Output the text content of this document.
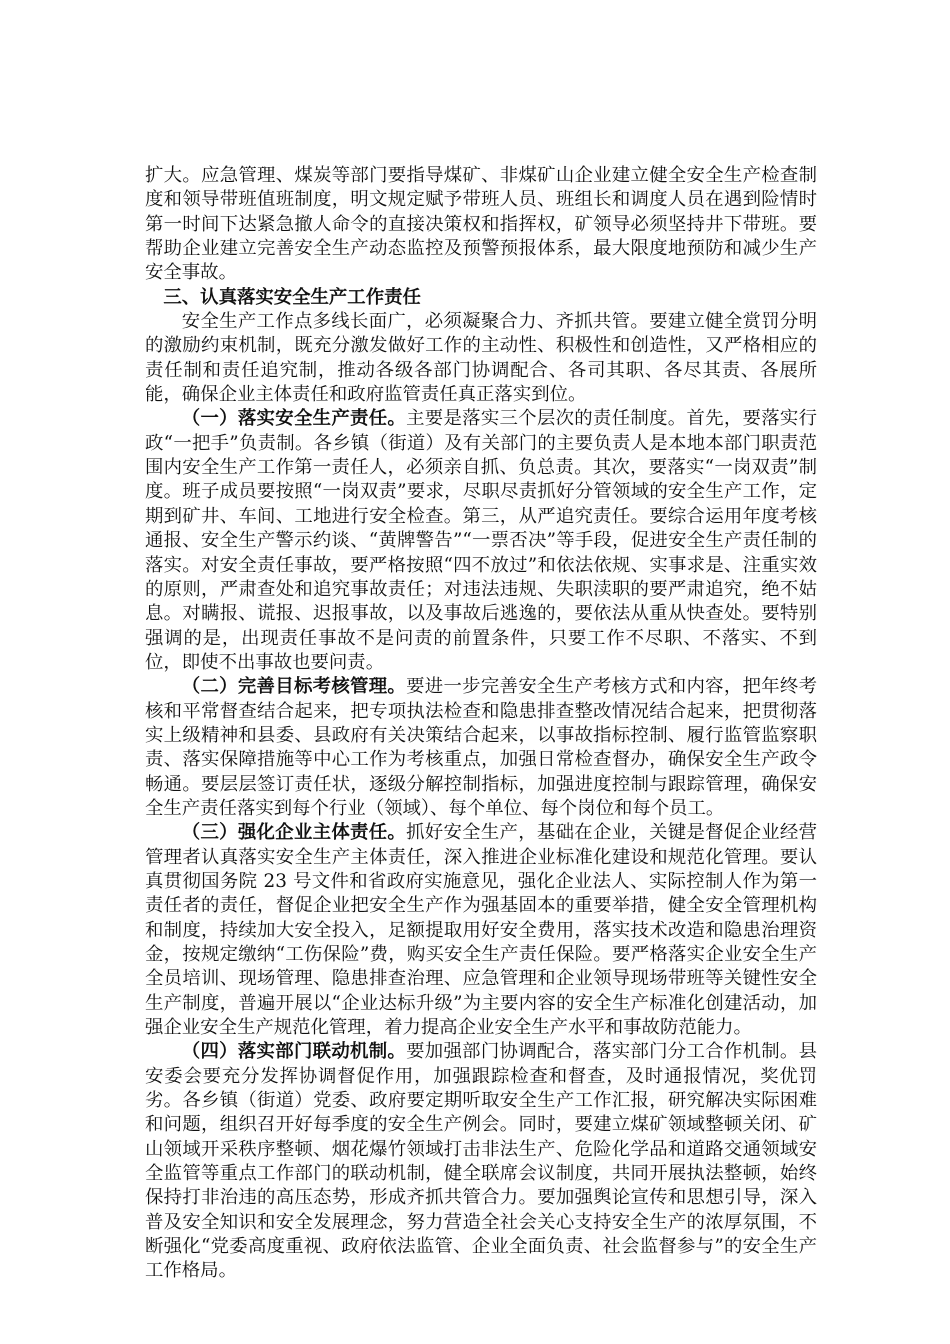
扩大。应急管理、煤炭等部门要指导煤矿、非煤矿山企业建立健全安全生产检查制度和领导带班值班制度，明文规定赋予带班人员、班组长和调度人员在遇到险情时第一时间下达紧急撤人命令的直接决策权和指挥权，矿领导必须坚持井下带班。要帮助企业建立完善安全生产动态监控及预警预报体系，最大限度地预防和减少生产安全事故。

三、认真落实安全生产工作责任

安全生产工作点多线长面广，必须凝聚合力、齐抓共管。要建立健全赏罚分明的激励约束机制，既充分激发做好工作的主动性、积极性和创造性，又严格相应的责任制和责任追究制，推动各级各部门协调配合、各司其职、各尽其责、各展所能，确保企业主体责任和政府监管责任真正落实到位。

（一）落实安全生产责任。主要是落实三个层次的责任制度。首先，要落实行政“一把手”负责制。各乡镇（街道）及有关部门的主要负责人是本地本部门职责范围内安全生产工作第一责任人，必须亲自抓、负总责。其次，要落实“一岗双责”制度。班子成员要按照“一岗双责”要求，尽职尽责抓好分管领域的安全生产工作，定期到矿井、车间、工地进行安全检查。第三，从严追究责任。要综合运用年度考核通报、安全生产警示约谈、“黄牌警告”“一票否决”等手段，促进安全生产责任制的落实。对安全责任事故，要严格按照“四不放过”和依法依规、实事求是、注重实效的原则，严肃查处和追究事故责任；对违法违规、失职渎职的要严肃追究，绝不姑息。对瞒报、谎报、迟报事故，以及事故后逃逸的，要依法从重从快查处。要特别强调的是，出现责任事故不是问责的前置条件，只要工作不尽职、不落实、不到位，即使不出事故也要问责。

（二）完善目标考核管理。要进一步完善安全生产考核方式和内容，把年终考核和平常督查结合起来，把专项执法检查和隐患排查整改情况结合起来，把贯彻落实上级精神和县委、县政府有关决策结合起来，以事故指标控制、履行监管监察职责、落实保障措施等中心工作为考核重点，加强日常检查督办，确保安全生产政令畅通。要层层签订责任状，逐级分解控制指标，加强进度控制与跟踪管理，确保安全生产责任落实到每个行业（领域）、每个单位、每个岗位和每个员工。

（三）强化企业主体责任。抓好安全生产，基础在企业，关键是督促企业经营管理者认真落实安全生产主体责任，深入推进企业标准化建设和规范化管理。要认真贯彻国务院 23 号文件和省政府实施意见，强化企业法人、实际控制人作为第一责任者的责任，督促企业把安全生产作为强基固本的重要举措，健全安全管理机构和制度，持续加大安全投入，足额提取用好安全费用，落实技术改造和隐患治理资金，按规定缴纳“工伤保险”费，购买安全生产责任保险。要严格落实企业安全生产全员培训、现场管理、隐患排查治理、应急管理和企业领导现场带班等关键性安全生产制度，普遍开展以“企业达标升级”为主要内容的安全生产标准化创建活动，加强企业安全生产规范化管理，着力提高企业安全生产水平和事故防范能力。

（四）落实部门联动机制。要加强部门协调配合，落实部门分工合作机制。县安委会要充分发挥协调督促作用，加强跟踪检查和督查，及时通报情况，奖优罚劣。各乡镇（街道）党委、政府要定期听取安全生产工作汇报，研究解决实际困难和问题，组织召开好每季度的安全生产例会。同时，要建立煤矿领域整顿关闭、矿山领域开采秩序整顿、烟花爆竹领域打击非法生产、危险化学品和道路交通领域安全监管等重点工作部门的联动机制，健全联席会议制度，共同开展执法整顿，始终保持打非治违的高压态势，形成齐抓共管合力。要加强舆论宣传和思想引导，深入普及安全知识和安全发展理念，努力营造全社会关心支持安全生产的浓厚氛围，不断强化“党委高度重视、政府依法监管、企业全面负责、社会监督参与”的安全生产工作格局。
